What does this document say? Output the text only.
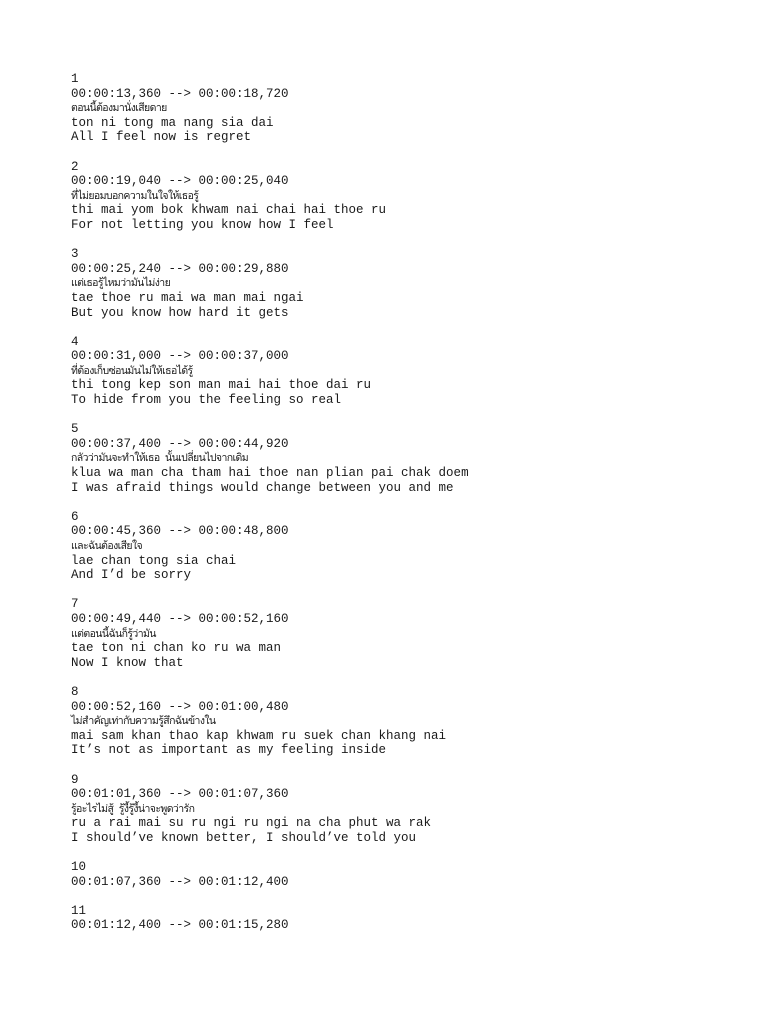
1
00:00:13,360 --> 00:00:18,720
ตอนนี้ต้องมานั่งเสียดาย
ton ni tong ma nang sia dai
All I feel now is regret
2
00:00:19,040 --> 00:00:25,040
ที่ไม่ยอมบอกความในใจให้เธอรู้
thi mai yom bok khwam nai chai hai thoe ru
For not letting you know how I feel
3
00:00:25,240 --> 00:00:29,880
แต่เธอรู้ไหมว่ามันไม่ง่าย
tae thoe ru mai wa man mai ngai
But you know how hard it gets
4
00:00:31,000 --> 00:00:37,000
ที่ต้องเก็บซ่อนมันไม่ให้เธอได้รู้
thi tong kep son man mai hai thoe dai ru
To hide from you the feeling so real
5
00:00:37,400 --> 00:00:44,920
กลัวว่ามันจะทำให้เธอ  นั้นเปลี่ยนไปจากเดิม
klua wa man cha tham hai thoe nan plian pai chak doem
I was afraid things would change between you and me
6
00:00:45,360 --> 00:00:48,800
และฉันต้องเสียใจ
lae chan tong sia chai
And I’d be sorry
7
00:00:49,440 --> 00:00:52,160
แต่ตอนนี้ฉันก็รู้ว่ามัน
tae ton ni chan ko ru wa man
Now I know that
8
00:00:52,160 --> 00:01:00,480
ไม่สำคัญเท่ากับความรู้สึกฉันข้างใน
mai sam khan thao kap khwam ru suek chan khang nai
It’s not as important as my feeling inside
9
00:01:01,360 --> 00:01:07,360
รู้อะไรไม่สู้  รู้งี้รู้งี้น่าจะพูดว่ารัก
ru a rai mai su ru ngi ru ngi na cha phut wa rak
I should’ve known better, I should’ve told you
10
00:01:07,360 --> 00:01:12,400
11
00:01:12,400 --> 00:01:15,280
